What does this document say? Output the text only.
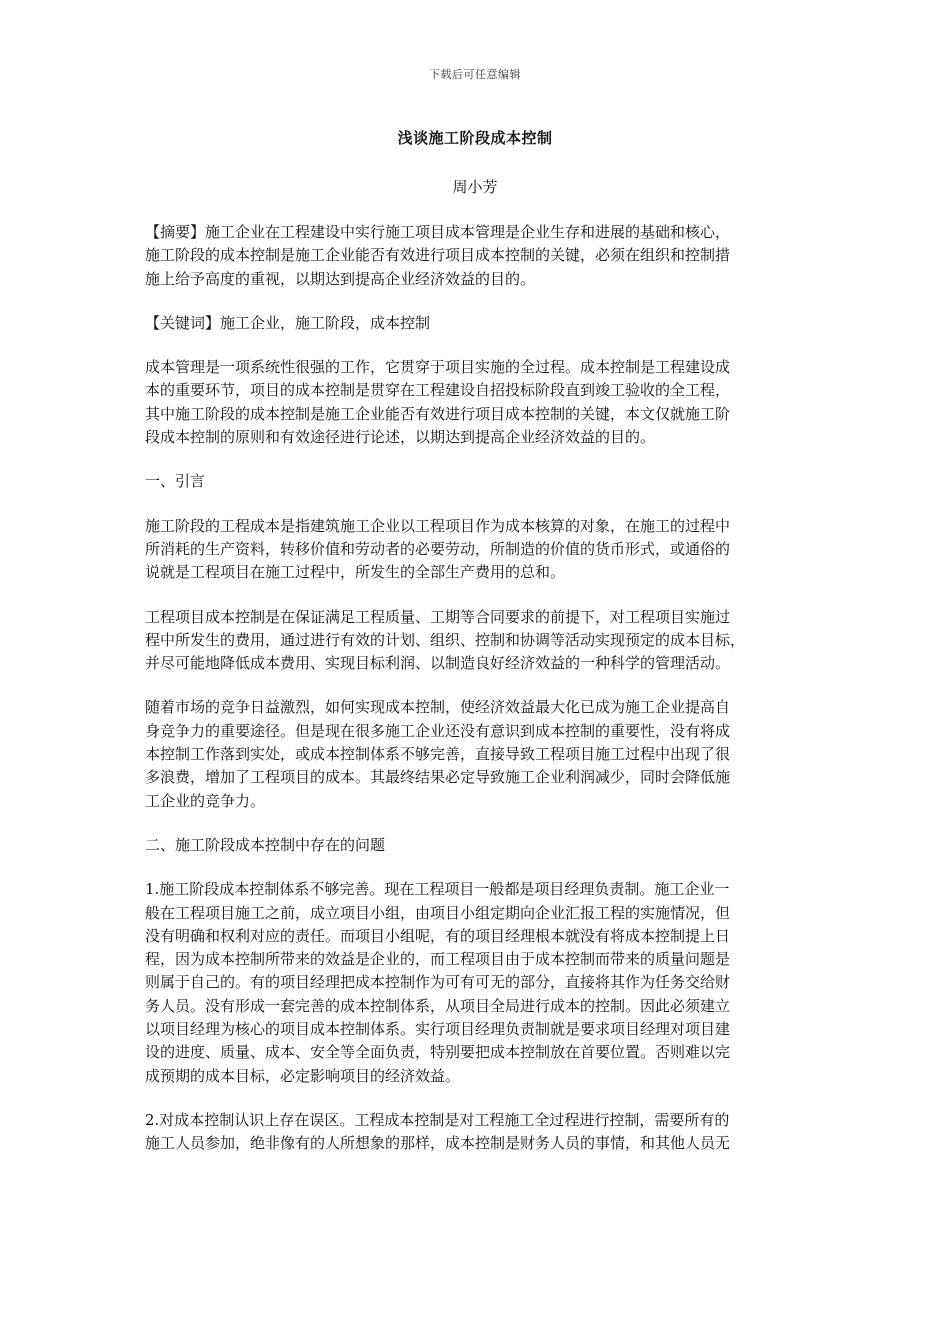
下载后可任意编辑
浅谈施工阶段成本控制
周小芳

【摘要】施工企业在工程建设中实行施工项目成本管理是企业生存和进展的基础和核心，
施工阶段的成本控制是施工企业能否有效进行项目成本控制的关键，必须在组织和控制措
施上给予高度的重视，以期达到提高企业经济效益的目的。

【关键词】施工企业，施工阶段，成本控制

成本管理是一项系统性很强的工作，它贯穿于项目实施的全过程。成本控制是工程建设成
本的重要环节，项目的成本控制是贯穿在工程建设自招投标阶段直到竣工验收的全工程，
其中施工阶段的成本控制是施工企业能否有效进行项目成本控制的关键，本文仅就施工阶
段成本控制的原则和有效途径进行论述，以期达到提高企业经济效益的目的。

一、引言

施工阶段的工程成本是指建筑施工企业以工程项目作为成本核算的对象，在施工的过程中
所消耗的生产资料，转移价值和劳动者的必要劳动，所制造的价值的货币形式，或通俗的
说就是工程项目在施工过程中，所发生的全部生产费用的总和。

工程项目成本控制是在保证满足工程质量、工期等合同要求的前提下，对工程项目实施过
程中所发生的费用，通过进行有效的计划、组织、控制和协调等活动实现预定的成本目标，
并尽可能地降低成本费用、实现目标利润、以制造良好经济效益的一种科学的管理活动。

随着市场的竞争日益激烈，如何实现成本控制，使经济效益最大化已成为施工企业提高自
身竞争力的重要途径。但是现在很多施工企业还没有意识到成本控制的重要性，没有将成
本控制工作落到实处，或成本控制体系不够完善，直接导致工程项目施工过程中出现了很
多浪费，增加了工程项目的成本。其最终结果必定导致施工企业利润减少，同时会降低施
工企业的竞争力。

二、施工阶段成本控制中存在的问题

1.施工阶段成本控制体系不够完善。现在工程项目一般都是项目经理负责制。施工企业一
般在工程项目施工之前，成立项目小组，由项目小组定期向企业汇报工程的实施情况，但
没有明确和权利对应的责任。而项目小组呢，有的项目经理根本就没有将成本控制提上日
程，因为成本控制所带来的效益是企业的，而工程项目由于成本控制而带来的质量问题是
则属于自己的。有的项目经理把成本控制作为可有可无的部分，直接将其作为任务交给财
务人员。没有形成一套完善的成本控制体系，从项目全局进行成本的控制。因此必须建立
以项目经理为核心的项目成本控制体系。实行项目经理负责制就是要求项目经理对项目建
设的进度、质量、成本、安全等全面负责，特别要把成本控制放在首要位置。否则难以完
成预期的成本目标，必定影响项目的经济效益。

2.对成本控制认识上存在误区。工程成本控制是对工程施工全过程进行控制，需要所有的
施工人员参加，绝非像有的人所想象的那样，成本控制是财务人员的事情，和其他人员无
